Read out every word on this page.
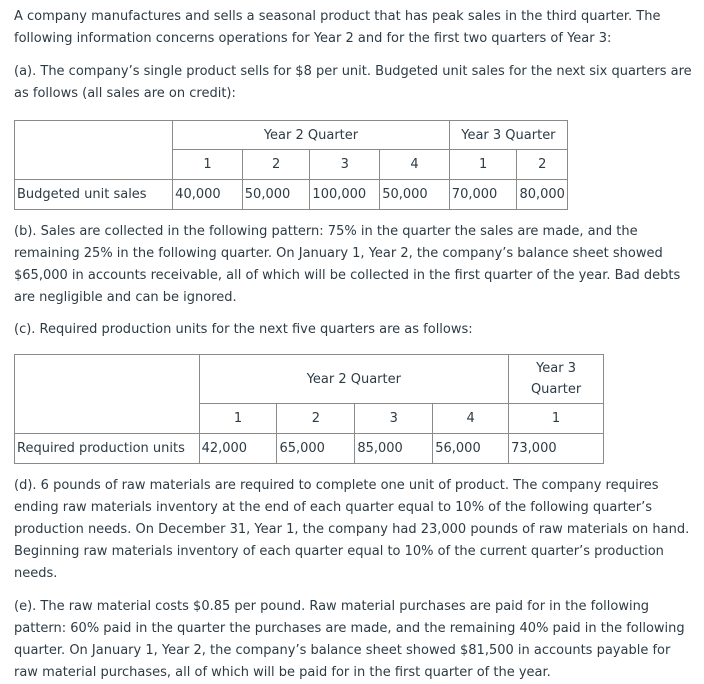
A company manufactures and sells a seasonal product that has peak sales in the third quarter. The following information concerns operations for Year 2 and for the first two quarters of Year 3:

(a). The company’s single product sells for $8 per unit. Budgeted unit sales for the next six quarters are as follows (all sales are on credit):

	Year 2 Quarter				Year 3 Quarter	
	1	2	3	4	1	2
Budgeted unit sales	40,000	50,000	100,000	50,000	70,000	80,000

(b). Sales are collected in the following pattern: 75% in the quarter the sales are made, and the remaining 25% in the following quarter. On January 1, Year 2, the company’s balance sheet showed $65,000 in accounts receivable, all of which will be collected in the first quarter of the year. Bad debts are negligible and can be ignored.

(c). Required production units for the next five quarters are as follows:

	Year 2 Quarter				Year 3
Quarter
	1	2	3	4	1
Required production units	42,000	65,000	85,000	56,000	73,000

(d). 6 pounds of raw materials are required to complete one unit of product. The company requires ending raw materials inventory at the end of each quarter equal to 10% of the following quarter’s production needs. On December 31, Year 1, the company had 23,000 pounds of raw materials on hand. Beginning raw materials inventory of each quarter equal to 10% of the current quarter’s production needs.

(e). The raw material costs $0.85 per pound. Raw material purchases are paid for in the following pattern: 60% paid in the quarter the purchases are made, and the remaining 40% paid in the following quarter. On January 1, Year 2, the company’s balance sheet showed $81,500 in accounts payable for raw material purchases, all of which will be paid for in the first quarter of the year.
